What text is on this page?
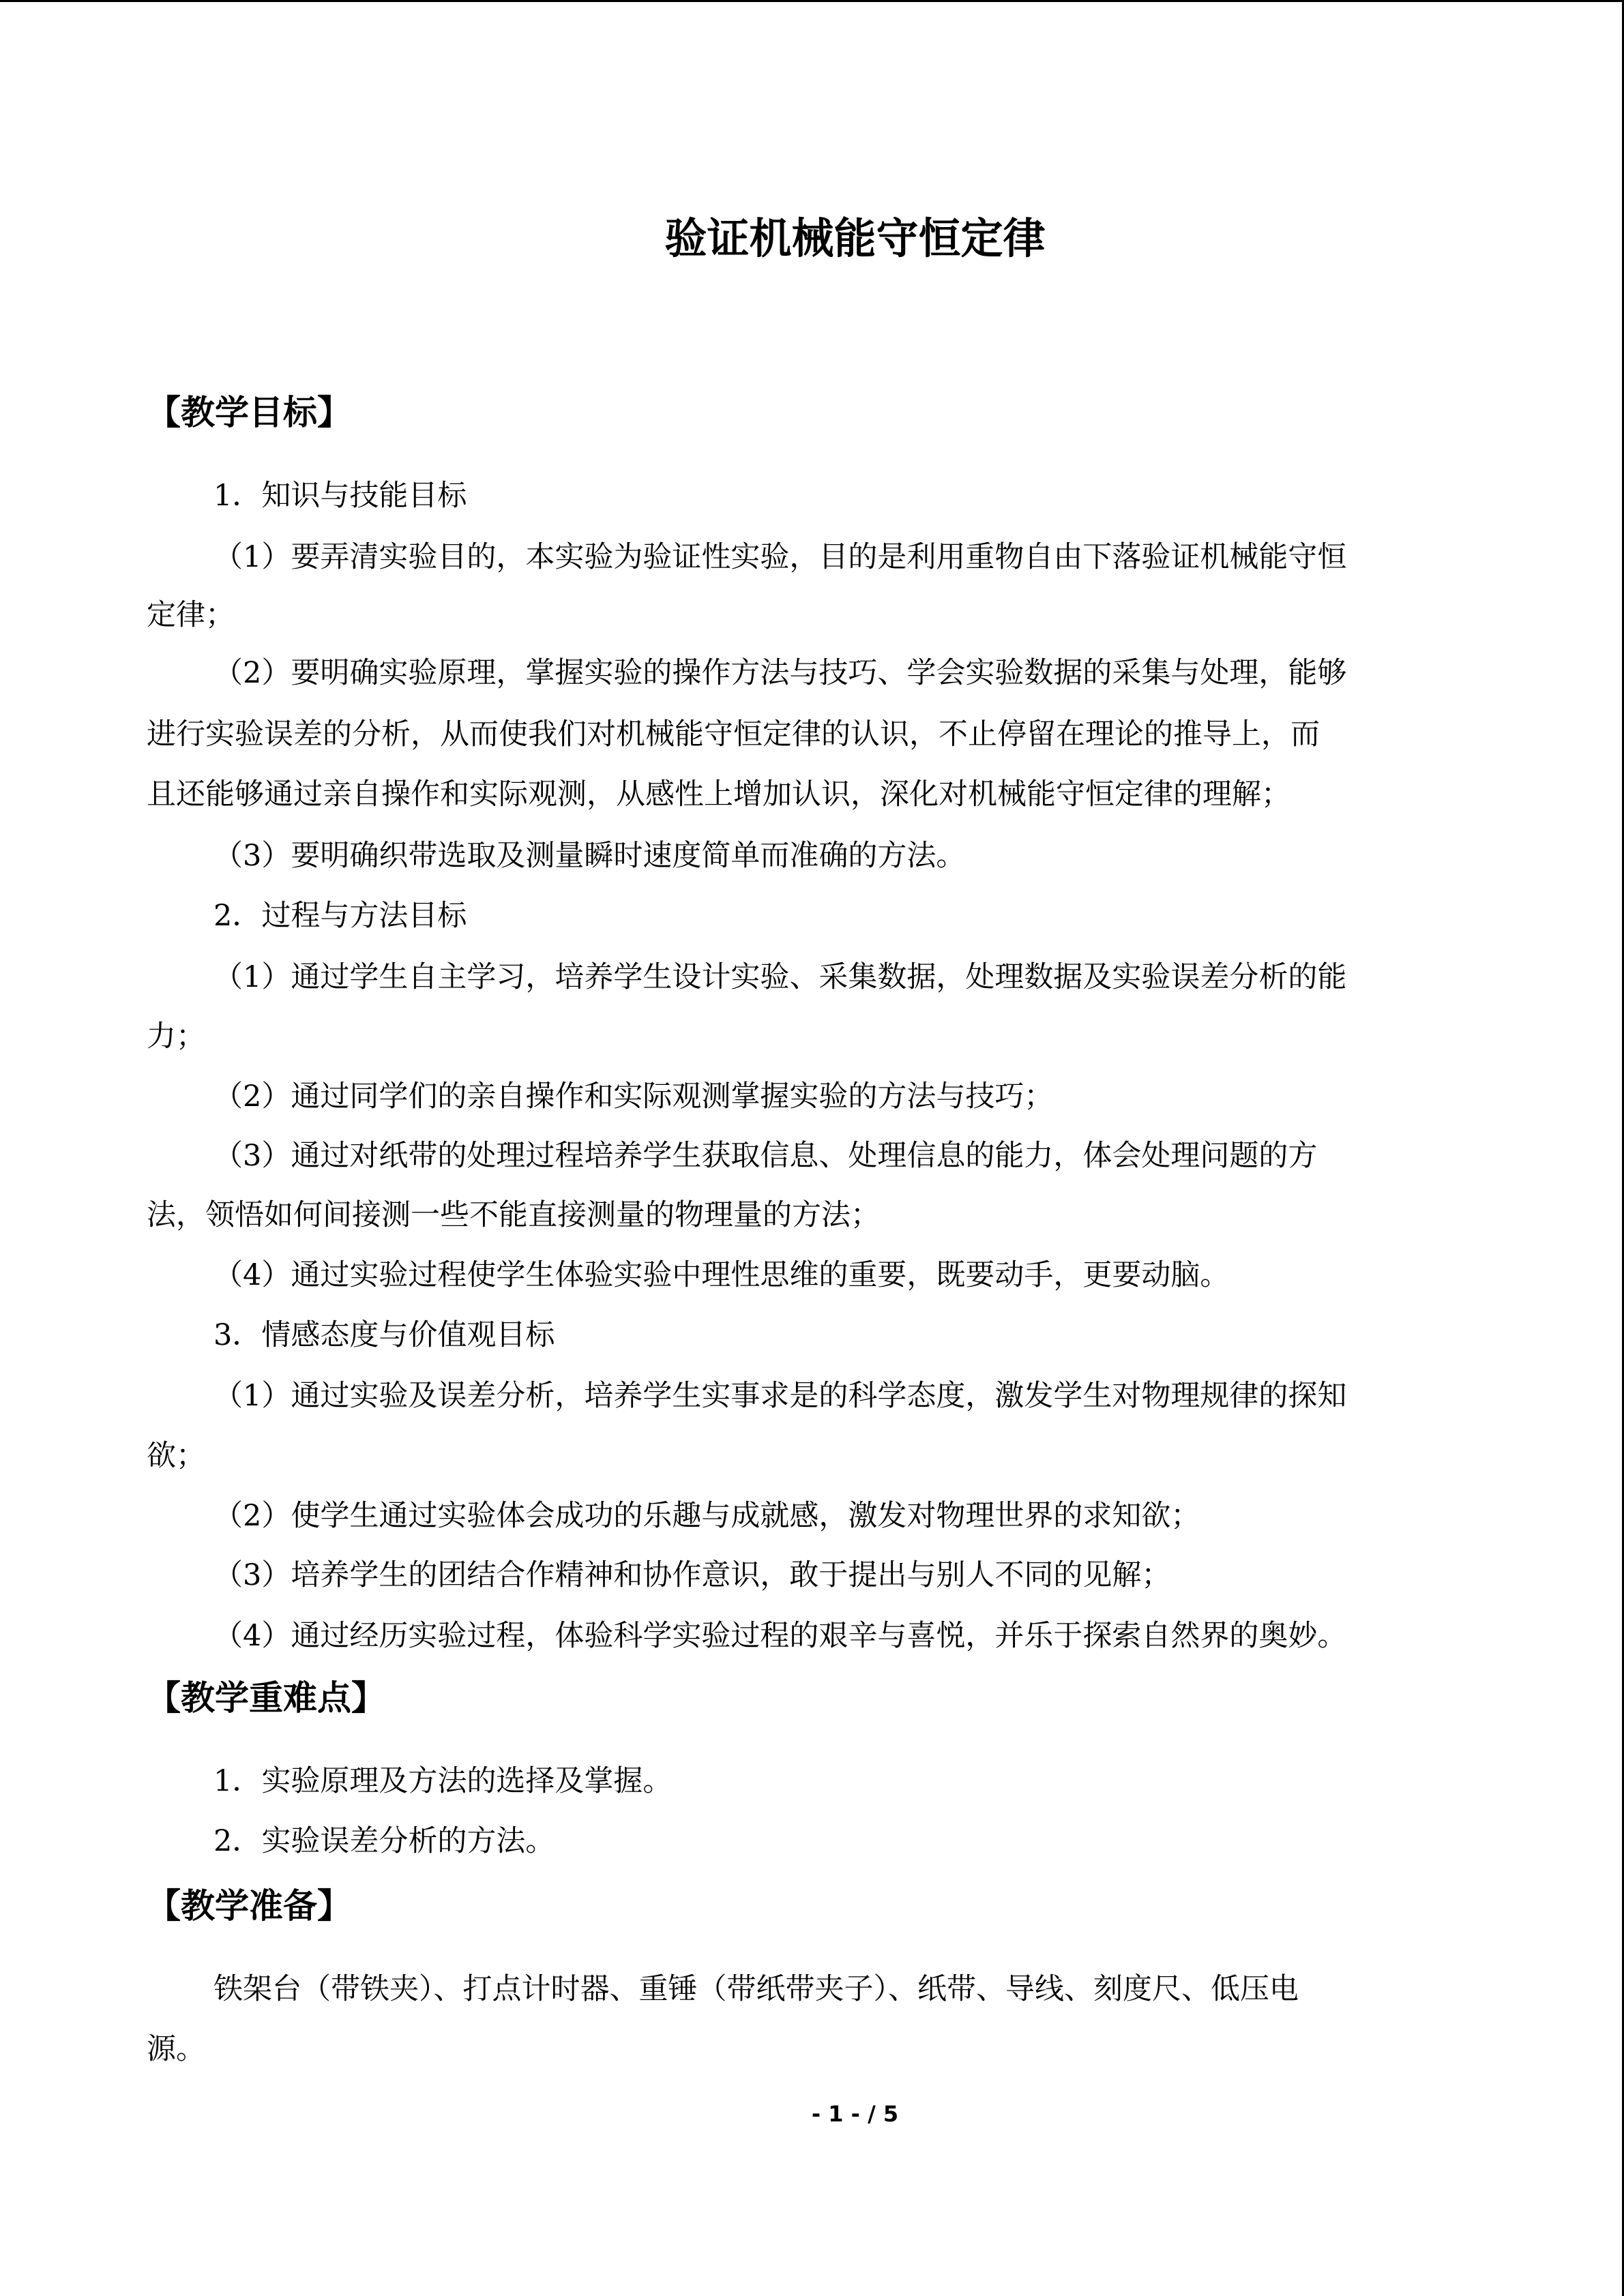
验证机械能守恒定律
【教学目标】

1．知识与技能目标

（1）要弄清实验目的，本实验为验证性实验，目的是利用重物自由下落验证机械能守恒

定律；

（2）要明确实验原理，掌握实验的操作方法与技巧、学会实验数据的采集与处理，能够

进行实验误差的分析，从而使我们对机械能守恒定律的认识，不止停留在理论的推导上，而

且还能够通过亲自操作和实际观测，从感性上增加认识，深化对机械能守恒定律的理解；

（3）要明确织带选取及测量瞬时速度简单而准确的方法。

2．过程与方法目标

（1）通过学生自主学习，培养学生设计实验、采集数据，处理数据及实验误差分析的能

力；

（2）通过同学们的亲自操作和实际观测掌握实验的方法与技巧；

（3）通过对纸带的处理过程培养学生获取信息、处理信息的能力，体会处理问题的方

法，领悟如何间接测一些不能直接测量的物理量的方法；

（4）通过实验过程使学生体验实验中理性思维的重要，既要动手，更要动脑。

3．情感态度与价值观目标

（1）通过实验及误差分析，培养学生实事求是的科学态度，激发学生对物理规律的探知

欲；

（2）使学生通过实验体会成功的乐趣与成就感，激发对物理世界的求知欲；

（3）培养学生的团结合作精神和协作意识，敢于提出与别人不同的见解；

（4）通过经历实验过程，体验科学实验过程的艰辛与喜悦，并乐于探索自然界的奥妙。

【教学重难点】

1．实验原理及方法的选择及掌握。

2．实验误差分析的方法。

【教学准备】

铁架台（带铁夹）、打点计时器、重锤（带纸带夹子）、纸带、导线、刻度尺、低压电

源。

- 1 - / 5
